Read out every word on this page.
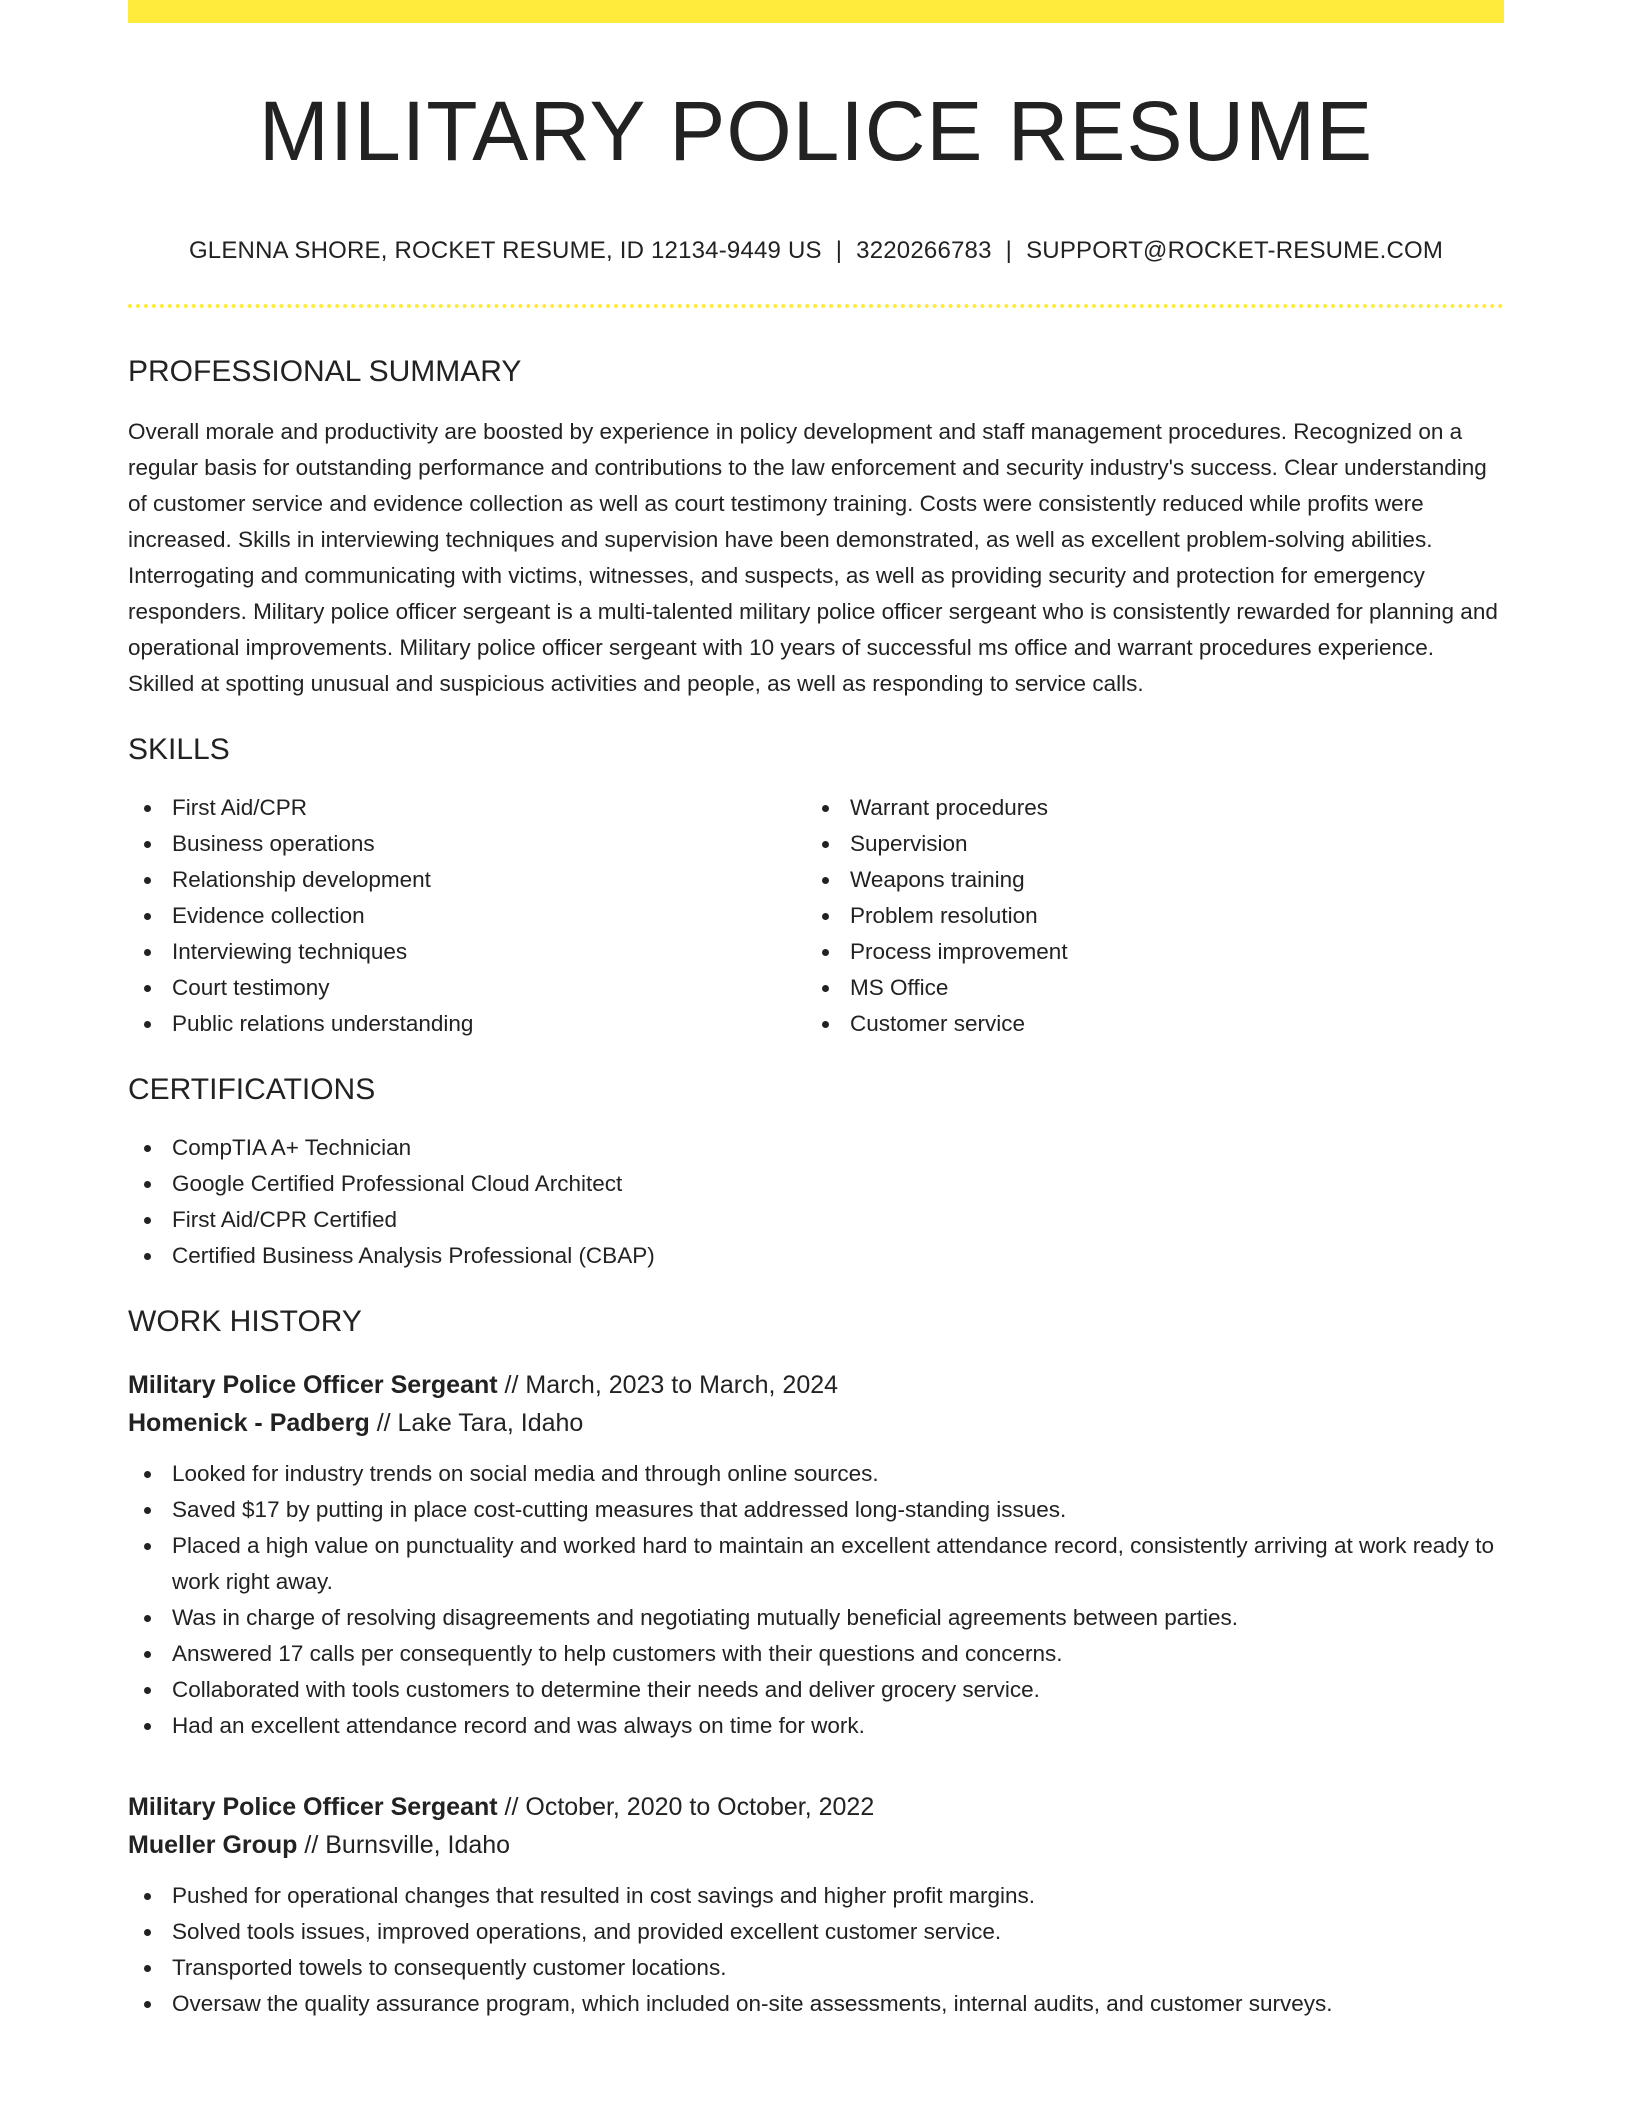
MILITARY POLICE RESUME
GLENNA SHORE, ROCKET RESUME, ID 12134-9449 US | 3220266783 | SUPPORT@ROCKET-RESUME.COM
PROFESSIONAL SUMMARY

Overall morale and productivity are boosted by experience in policy development and staff management procedures. Recognized on a regular basis for outstanding performance and contributions to the law enforcement and security industry's success. Clear understanding of customer service and evidence collection as well as court testimony training. Costs were consistently reduced while profits were increased. Skills in interviewing techniques and supervision have been demonstrated, as well as excellent problem-solving abilities. Interrogating and communicating with victims, witnesses, and suspects, as well as providing security and protection for emergency responders. Military police officer sergeant is a multi-talented military police officer sergeant who is consistently rewarded for planning and operational improvements. Military police officer sergeant with 10 years of successful ms office and warrant procedures experience. Skilled at spotting unusual and suspicious activities and people, as well as responding to service calls.

SKILLS
First Aid/CPR
Business operations
Relationship development
Evidence collection
Interviewing techniques
Court testimony
Public relations understanding
Warrant procedures
Supervision
Weapons training
Problem resolution
Process improvement
MS Office
Customer service
CERTIFICATIONS
CompTIA A+ Technician
Google Certified Professional Cloud Architect
First Aid/CPR Certified
Certified Business Analysis Professional (CBAP)
WORK HISTORY
Military Police Officer Sergeant // March, 2023 to March, 2024
Homenick - Padberg // Lake Tara, Idaho
Looked for industry trends on social media and through online sources.
Saved $17 by putting in place cost-cutting measures that addressed long-standing issues.
Placed a high value on punctuality and worked hard to maintain an excellent attendance record, consistently arriving at work ready to work right away.
Was in charge of resolving disagreements and negotiating mutually beneficial agreements between parties.
Answered 17 calls per consequently to help customers with their questions and concerns.
Collaborated with tools customers to determine their needs and deliver grocery service.
Had an excellent attendance record and was always on time for work.
Military Police Officer Sergeant // October, 2020 to October, 2022
Mueller Group // Burnsville, Idaho
Pushed for operational changes that resulted in cost savings and higher profit margins.
Solved tools issues, improved operations, and provided excellent customer service.
Transported towels to consequently customer locations.
Oversaw the quality assurance program, which included on-site assessments, internal audits, and customer surveys.
